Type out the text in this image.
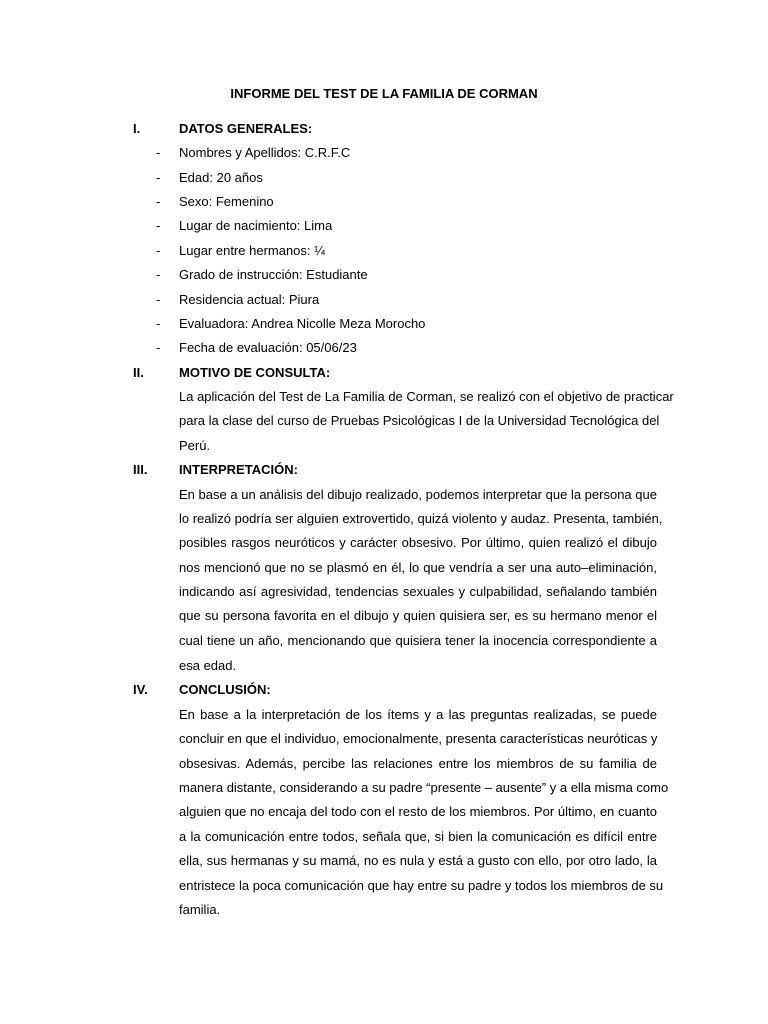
INFORME DEL TEST DE LA FAMILIA DE CORMAN
I.	DATOS GENERALES:
- Nombres y Apellidos: C.R.F.C
- Edad: 20 años
- Sexo: Femenino
- Lugar de nacimiento: Lima
- Lugar entre hermanos: ¼
- Grado de instrucción: Estudiante
- Residencia actual: Piura
- Evaluadora: Andrea Nicolle Meza Morocho
- Fecha de evaluación: 05/06/23
II.	MOTIVO DE CONSULTA:
La aplicación del Test de La Familia de Corman, se realizó con el objetivo de practicar
para la clase del curso de Pruebas Psicológicas I de la Universidad Tecnológica del
Perú.
III. INTERPRETACIÓN:
En base a un análisis del dibujo realizado, podemos interpretar que la persona que
lo realizó podría ser alguien extrovertido, quizá violento y audaz. Presenta, también,
posibles rasgos neuróticos y carácter obsesivo. Por último, quien realizó el dibujo
nos mencionó que no se plasmó en él, lo que vendría a ser una auto–eliminación,
indicando así agresividad, tendencias sexuales y culpabilidad, señalando también
que su persona favorita en el dibujo y quien quisiera ser, es su hermano menor el
cual tiene un año, mencionando que quisiera tener la inocencia correspondiente a
esa edad.
IV. CONCLUSIÓN:
En base a la interpretación de los ítems y a las preguntas realizadas, se puede
concluir en que el individuo, emocionalmente, presenta características neuróticas y
obsesivas. Además, percibe las relaciones entre los miembros de su familia de
manera distante, considerando a su padre “presente – ausente” y a ella misma como
alguien que no encaja del todo con el resto de los miembros. Por último, en cuanto
a la comunicación entre todos, señala que, si bien la comunicación es difícil entre
ella, sus hermanas y su mamá, no es nula y está a gusto con ello, por otro lado, la
entristece la poca comunicación que hay entre su padre y todos los miembros de su
familia.
